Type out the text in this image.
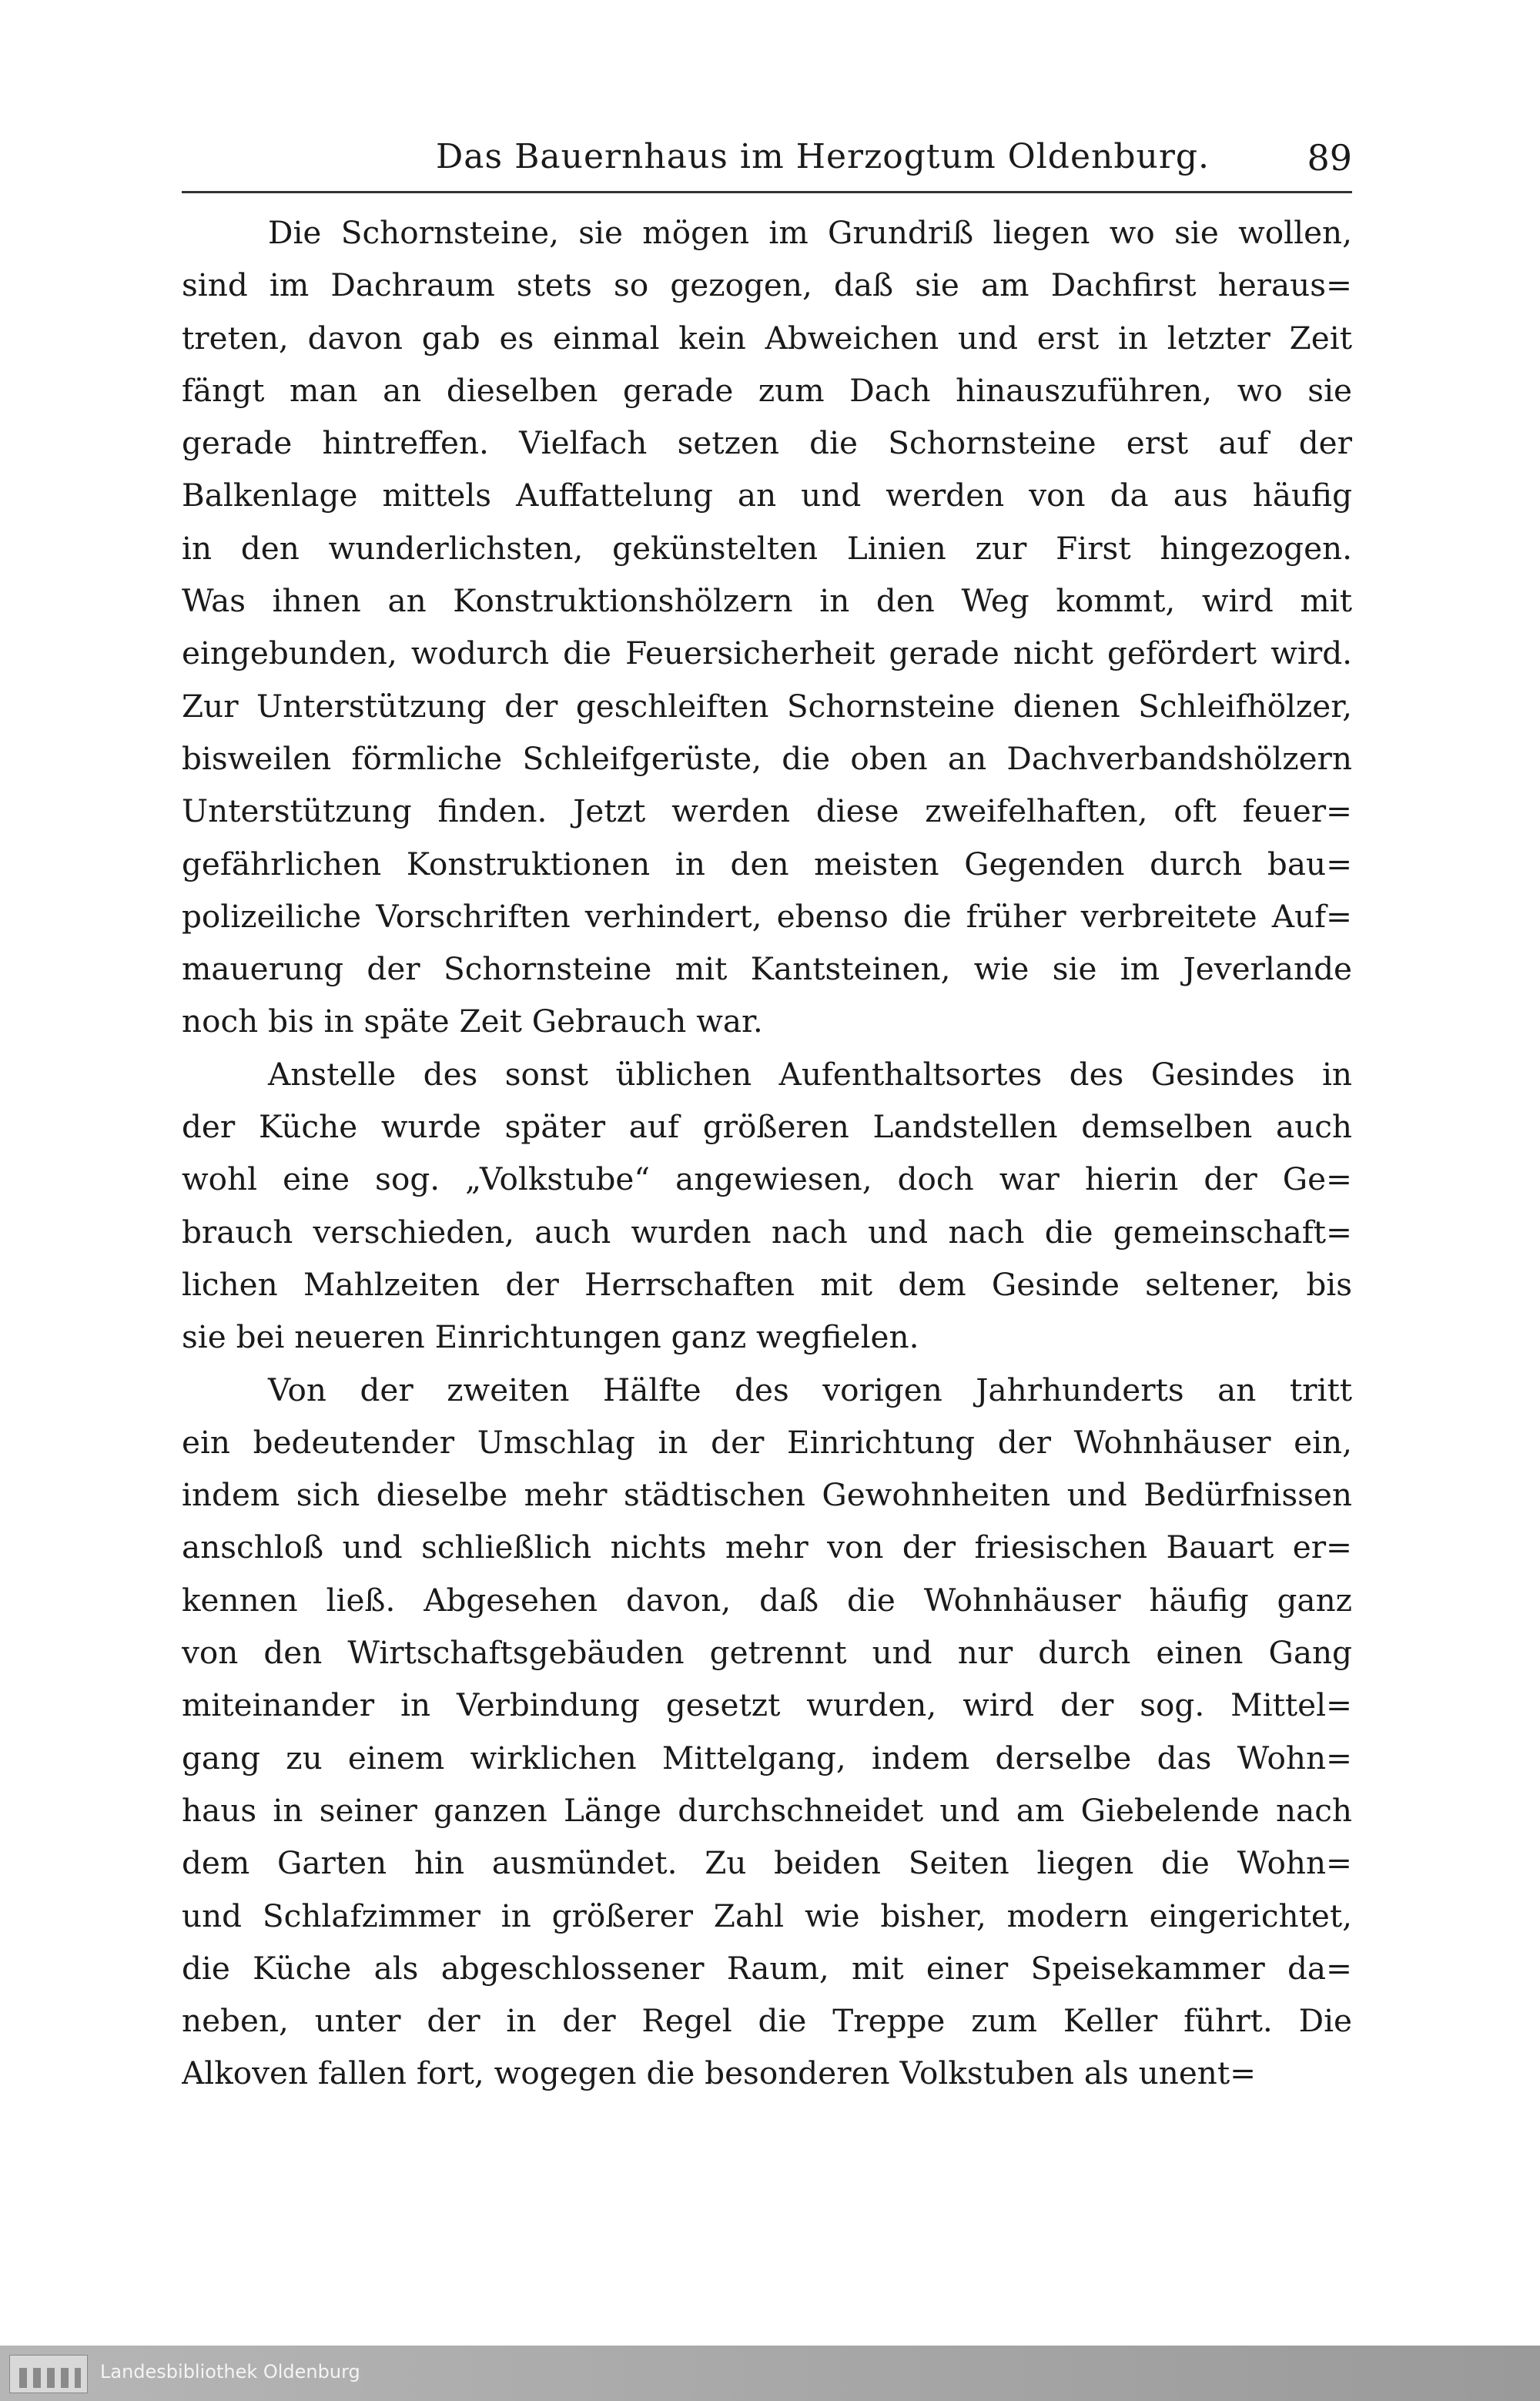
Das Bauernhaus im Herzogtum Oldenburg.	89
Die Schornsteine, sie mögen im Grundriß liegen wo sie wollen,
sind im Dachraum stets so gezogen, daß sie am Dachfirst heraus=
treten, davon gab es einmal kein Abweichen und erst in letzter Zeit
fängt man an dieselben gerade zum Dach hinauszuführen, wo sie
gerade hintreffen. Vielfach setzen die Schornsteine erst auf der
Balkenlage mittels Auffattelung an und werden von da aus häufig
in den wunderlichsten, gekünstelten Linien zur First hingezogen.
Was ihnen an Konstruktionshölzern in den Weg kommt, wird mit
eingebunden, wodurch die Feuersicherheit gerade nicht gefördert wird.
Zur Unterstützung der geschleiften Schornsteine dienen Schleifhölzer,
bisweilen förmliche Schleifgerüste, die oben an Dachverbandshölzern
Unterstützung finden. Jetzt werden diese zweifelhaften, oft feuer=
gefährlichen Konstruktionen in den meisten Gegenden durch bau=
polizeiliche Vorschriften verhindert, ebenso die früher verbreitete Auf=
mauerung der Schornsteine mit Kantsteinen, wie sie im Jeverlande
noch bis in späte Zeit Gebrauch war.
Anstelle des sonst üblichen Aufenthaltsortes des Gesindes in
der Küche wurde später auf größeren Landstellen demselben auch
wohl eine sog. „Volkstube“ angewiesen, doch war hierin der Ge=
brauch verschieden, auch wurden nach und nach die gemeinschaft=
lichen Mahlzeiten der Herrschaften mit dem Gesinde seltener, bis
sie bei neueren Einrichtungen ganz wegfielen.
Von der zweiten Hälfte des vorigen Jahrhunderts an tritt
ein bedeutender Umschlag in der Einrichtung der Wohnhäuser ein,
indem sich dieselbe mehr städtischen Gewohnheiten und Bedürfnissen
anschloß und schließlich nichts mehr von der friesischen Bauart er=
kennen ließ. Abgesehen davon, daß die Wohnhäuser häufig ganz
von den Wirtschaftsgebäuden getrennt und nur durch einen Gang
miteinander in Verbindung gesetzt wurden, wird der sog. Mittel=
gang zu einem wirklichen Mittelgang, indem derselbe das Wohn=
haus in seiner ganzen Länge durchschneidet und am Giebelende nach
dem Garten hin ausmündet. Zu beiden Seiten liegen die Wohn=
und Schlafzimmer in größerer Zahl wie bisher, modern eingerichtet,
die Küche als abgeschlossener Raum, mit einer Speisekammer da=
neben, unter der in der Regel die Treppe zum Keller führt. Die
Alkoven fallen fort, wogegen die besonderen Volkstuben als unent=
Landesbibliothek Oldenburg
